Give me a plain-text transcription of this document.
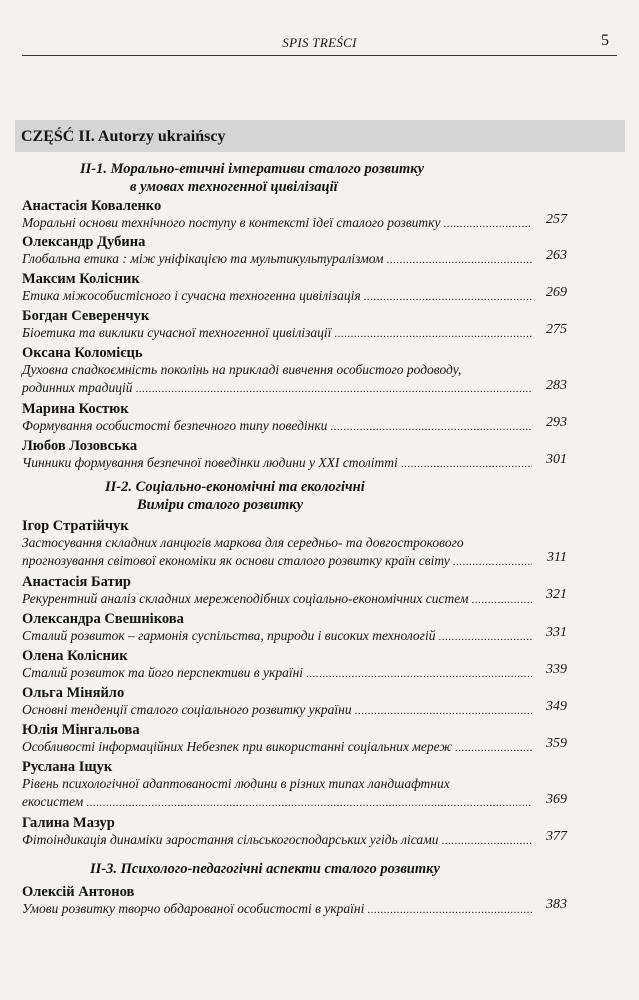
SPIS TREŚCI	5
CZĘŚĆ II. Autorzy ukraińscy
ІІ-1. Морально-етичні імперативи сталого розвитку
в умовах техногенної цивілізації
Анастасія Коваленко
Моральні основи технічного поступу в контексті ідеї сталого розвитку .....	257
Олександр Дубина
Глобальна етика : між уніфікацією та мультикультуралізмом .....	263
Максим Колісник
Етика міжособистісного і сучасна техногенна цивілізація .....	269
Богдан Северенчук
Біоетика та виклики сучасної техногенної цивілізації .....	275
Оксана Коломієць
Духовна спадкоємність поколінь на прикладі вивчення особистого родоводу,
родинних традицій .....	283
Марина Костюк
Формування особистості безпечного типу поведінки .....	293
Любов Лозовська
Чинники формування безпечної поведінки людини у ХХІ столітті .....	301
ІІ-2. Соціально-економічні та екологічні
Виміри сталого розвитку
Ігор Стратійчук
Застосування складних ланцюгів маркова для середньо- та довгострокового
прогнозування світової економіки як основи сталого розвитку країн світу .....	311
Анастасія Батир
Рекурентний аналіз складних мережеподібних соціально-економічних систем .....	321
Олександра Свешнікова
Сталий розвиток – гармонія суспільства, природи і високих технологій .....	331
Олена Колісник
Сталий розвиток та його перспективи в україні .....	339
Ольга Міняйло
Основні тенденції сталого соціального розвитку україни .....	349
Юлія Мінгальова
Особливості інформаційних Небезпек при використанні соціальних мереж .....	359
Руслана Іщук
Рівень психологічної адаптованості людини в різних типах ландшафтних
екосистем .....	369
Галина Мазур
Фітоіндикація динаміки заростання сільськогосподарських угідь лісами .....	377
ІІ-3. Психолого-педагогічні аспекти сталого розвитку
Олексій Антонов
Умови розвитку творчо обдарованої особистості в україні .....	383
